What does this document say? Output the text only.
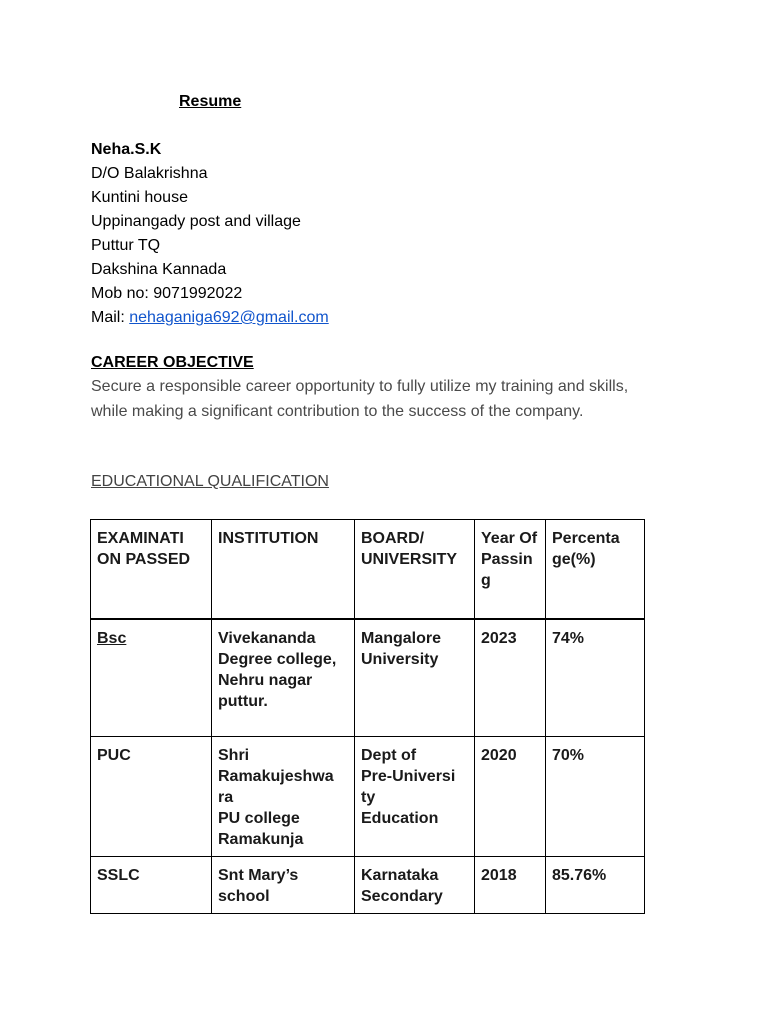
Resume
Neha.S.K
D/O Balakrishna
Kuntini house
Uppinangady post and village
Puttur TQ
Dakshina Kannada
Mob no: 9071992022
Mail: nehaganiga692@gmail.com
CAREER OBJECTIVE
Secure a responsible career opportunity to fully utilize my training and skills, while making a significant contribution to the success of the company.
EDUCATIONAL QUALIFICATION
EXAMINATI ON PASSED	INSTITUTION	BOARD/ UNIVERSITY	Year Of Passin g	Percenta ge(%)
Bsc	Vivekananda
Degree college,
Nehru nagar
puttur.	Mangalore
University	2023	74%
PUC	Shri
Ramakujeshwa
ra
PU college
Ramakunja	Dept of
Pre-Universi
ty
Education	2020	70%
SSLC	Snt Mary’s
school	Karnataka
Secondary	2018	85.76%
